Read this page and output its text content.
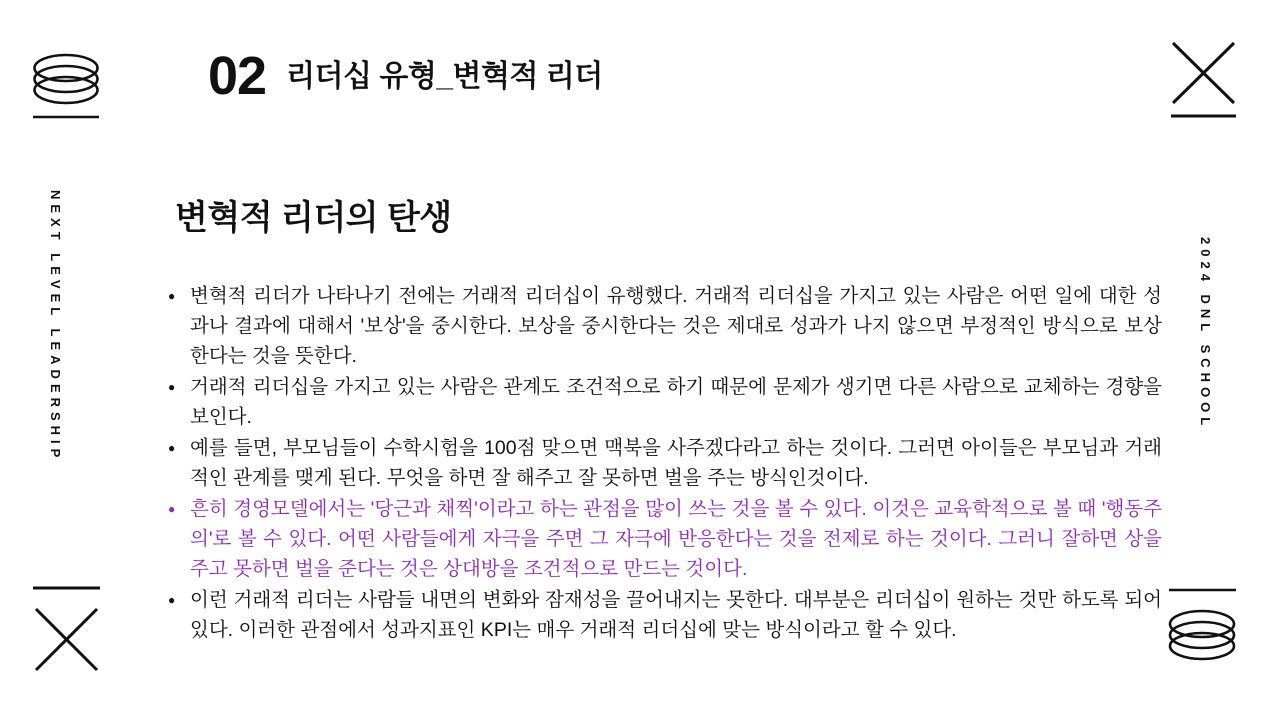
02 리더십 유형_변혁적 리더
NEXT LEVEL LEADERSHIP	2024 DNL SCHOOL
변혁적 리더의 탄생
● 변혁적 리더가 나타나기 전에는 거래적 리더십이 유행했다. 거래적 리더십을 가지고 있는 사람은 어떤 일에 대한 성과나 결과에 대해서 '보상'을 중시한다. 보상을 중시한다는 것은 제대로 성과가 나지 않으면 부정적인 방식으로 보상한다는 것을 뜻한다.
● 거래적 리더십을 가지고 있는 사람은 관계도 조건적으로 하기 때문에 문제가 생기면 다른 사람으로 교체하는 경향을 보인다.
● 예를 들면, 부모님들이 수학시험을 100점 맞으면 맥북을 사주겠다라고 하는 것이다. 그러면 아이들은 부모님과 거래적인 관계를 맺게 된다. 무엇을 하면 잘 해주고 잘 못하면 벌을 주는 방식인것이다.
● 흔히 경영모델에서는 '당근과 채찍'이라고 하는 관점을 많이 쓰는 것을 볼 수 있다. 이것은 교육학적으로 볼 때 '행동주의'로 볼 수 있다. 어떤 사람들에게 자극을 주면 그 자극에 반응한다는 것을 전제로 하는 것이다. 그러니 잘하면 상을 주고 못하면 벌을 준다는 것은 상대방을 조건적으로 만드는 것이다.
● 이런 거래적 리더는 사람들 내면의 변화와 잠재성을 끌어내지는 못한다. 대부분은 리더십이 원하는 것만 하도록 되어 있다. 이러한 관점에서 성과지표인 KPI는 매우 거래적 리더십에 맞는 방식이라고 할 수 있다.
